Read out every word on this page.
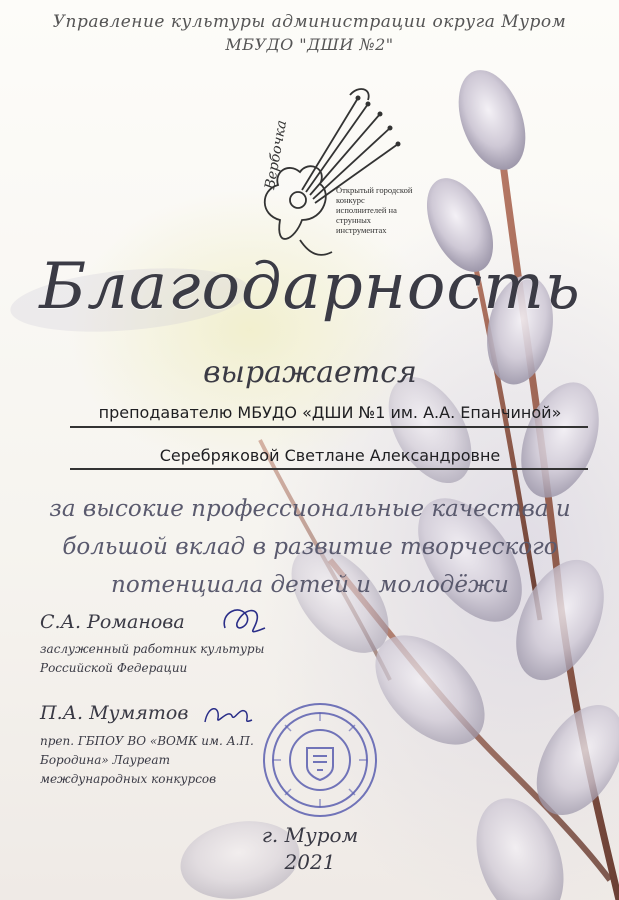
Управление культуры администрации округа Муром
МБУДО "ДШИ №2"
Вербочка	Открытый городской конкурс исполнителей на струнных инструментах
Благодарность
выражается
преподавателю МБУДО «ДШИ №1 им. А.А. Епанчиной»
Серебряковой Светлане Александровне
за высокие профессиональные качества и большой вклад в развитие творческого потенциала детей и молодёжи
С.А. Романова
заслуженный работник культуры Российской Федерации
П.А. Мумятов
преп. ГБПОУ ВО «ВОМК им. А.П. Бородина» Лауреат международных конкурсов
г. Муром
2021
